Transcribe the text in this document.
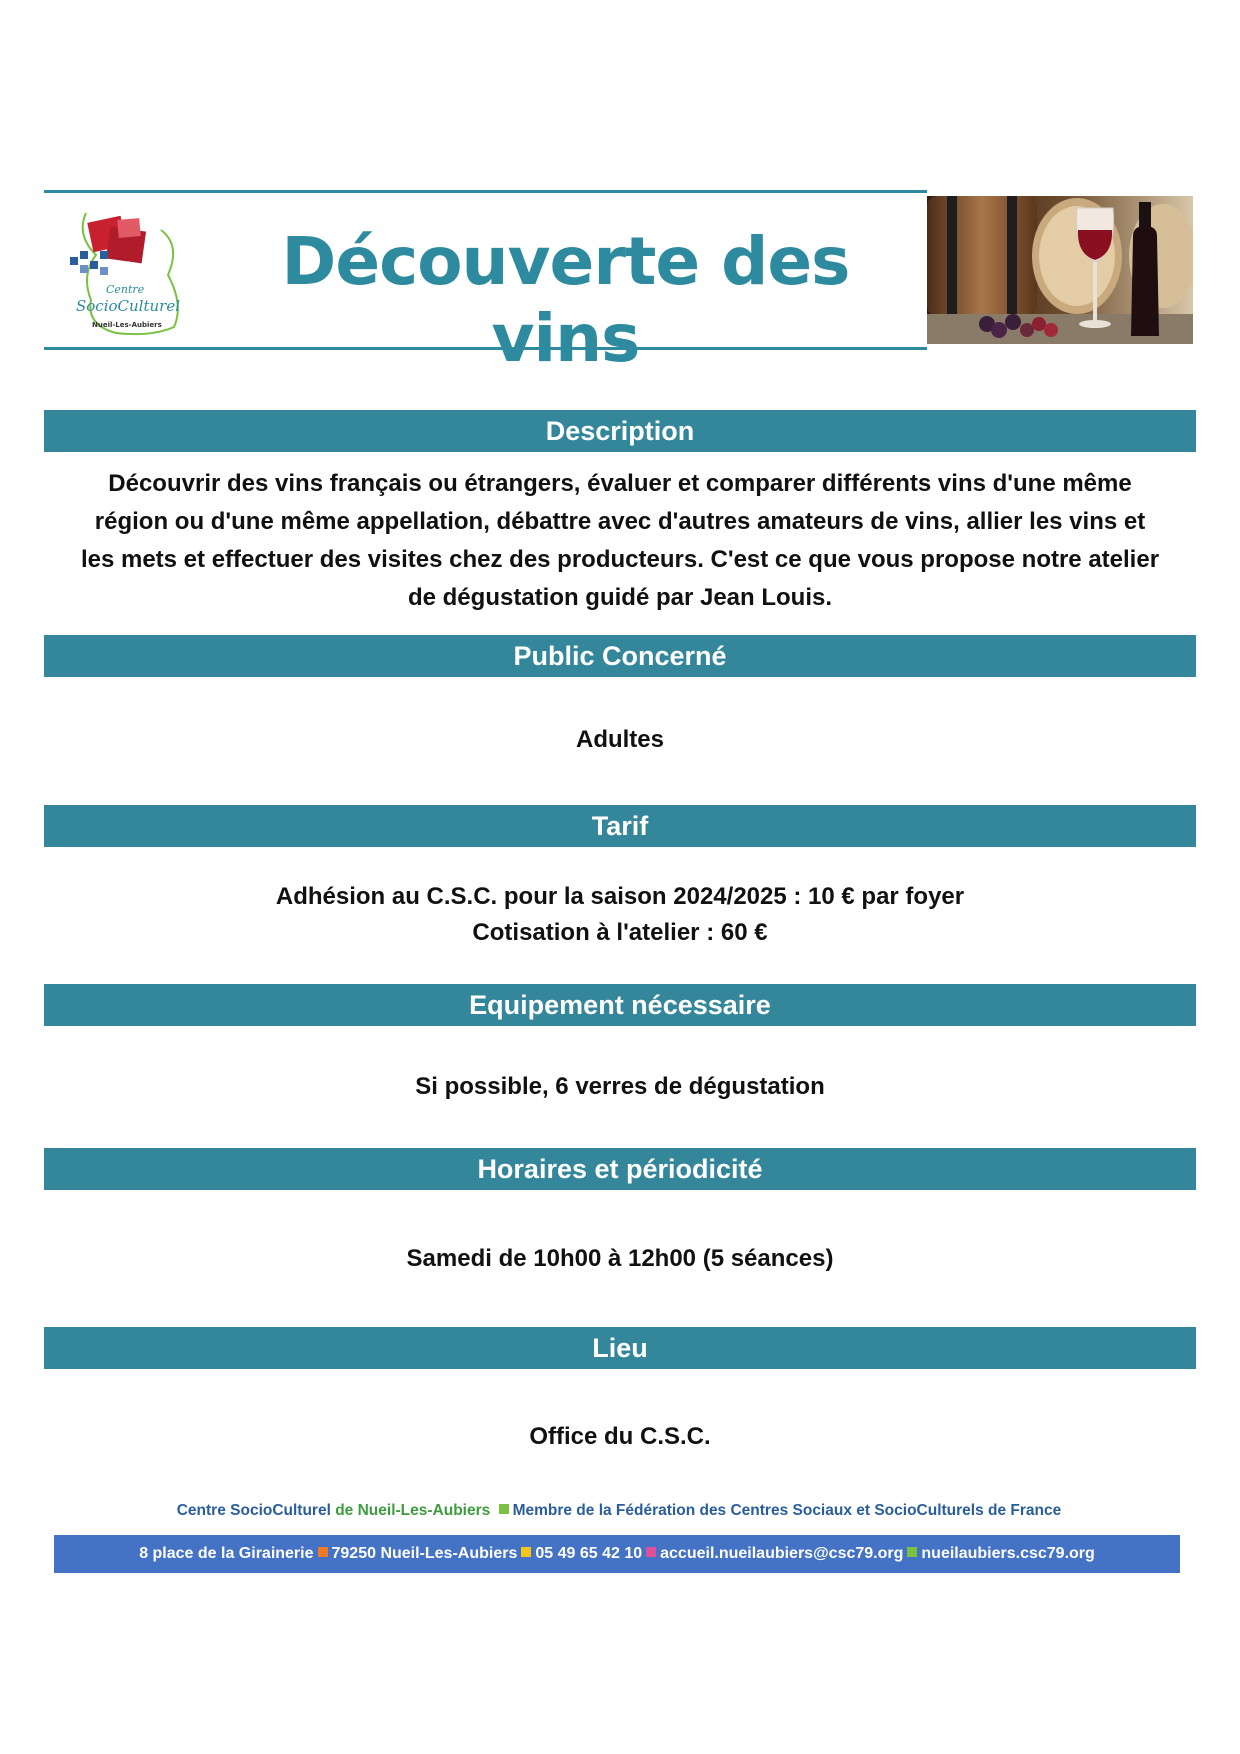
Centre
SocioCulturel
Nueil-Les-Aubiers
Découverte des vins
Description
Découvrir des vins français ou étrangers, évaluer et comparer différents vins d'une même
région ou d'une même appellation, débattre avec d'autres amateurs de vins, allier les vins et
les mets et effectuer des visites chez des producteurs. C'est ce que vous propose notre atelier
de dégustation guidé par Jean Louis.
Public Concerné
Adultes
Tarif
Adhésion au C.S.C. pour la saison 2024/2025 : 10 € par foyer
Cotisation à l'atelier : 60 €
Equipement nécessaire
Si possible, 6 verres de dégustation
Horaires et périodicité
Samedi de 10h00 à 12h00 (5 séances)
Lieu
Office du C.S.C.
Centre SocioCulturel de Nueil-Les-Aubiers Membre de la Fédération des Centres Sociaux et SocioCulturels de France
8 place de la Girainerie 79250 Nueil-Les-Aubiers 05 49 65 42 10 accueil.nueilaubiers@csc79.org nueilaubiers.csc79.org
